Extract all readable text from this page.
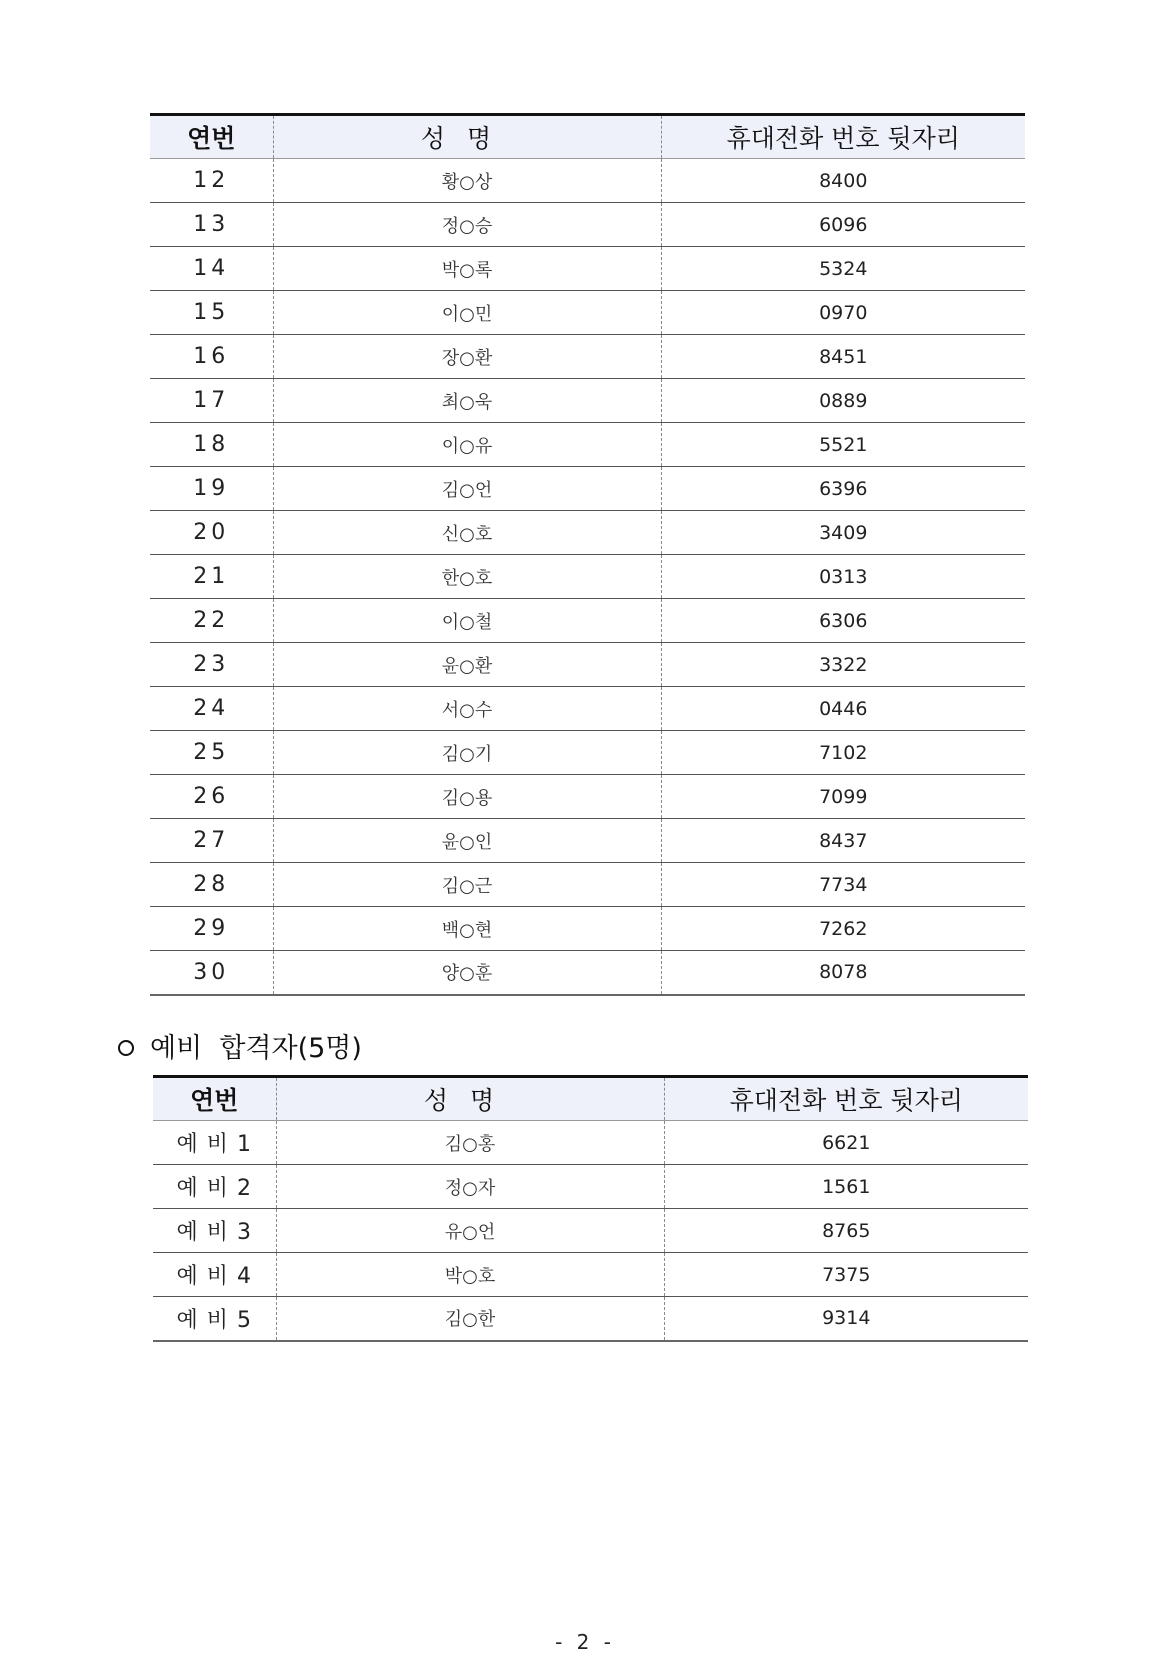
연번	성명	휴대전화 번호 뒷자리
12	황○상	8400
13	정○승	6096
14	박○록	5324
15	이○민	0970
16	장○환	8451
17	최○욱	0889
18	이○유	5521
19	김○언	6396
20	신○호	3409
21	한○호	0313
22	이○철	6306
23	윤○환	3322
24	서○수	0446
25	김○기	7102
26	김○용	7099
27	윤○인	8437
28	김○근	7734
29	백○현	7262
30	양○훈	8078
예비  합격자(5명)
연번	성명	휴대전화 번호 뒷자리
예 비 1	김○홍	6621
예 비 2	정○자	1561
예 비 3	유○언	8765
예 비 4	박○호	7375
예 비 5	김○한	9314
- 2 -
